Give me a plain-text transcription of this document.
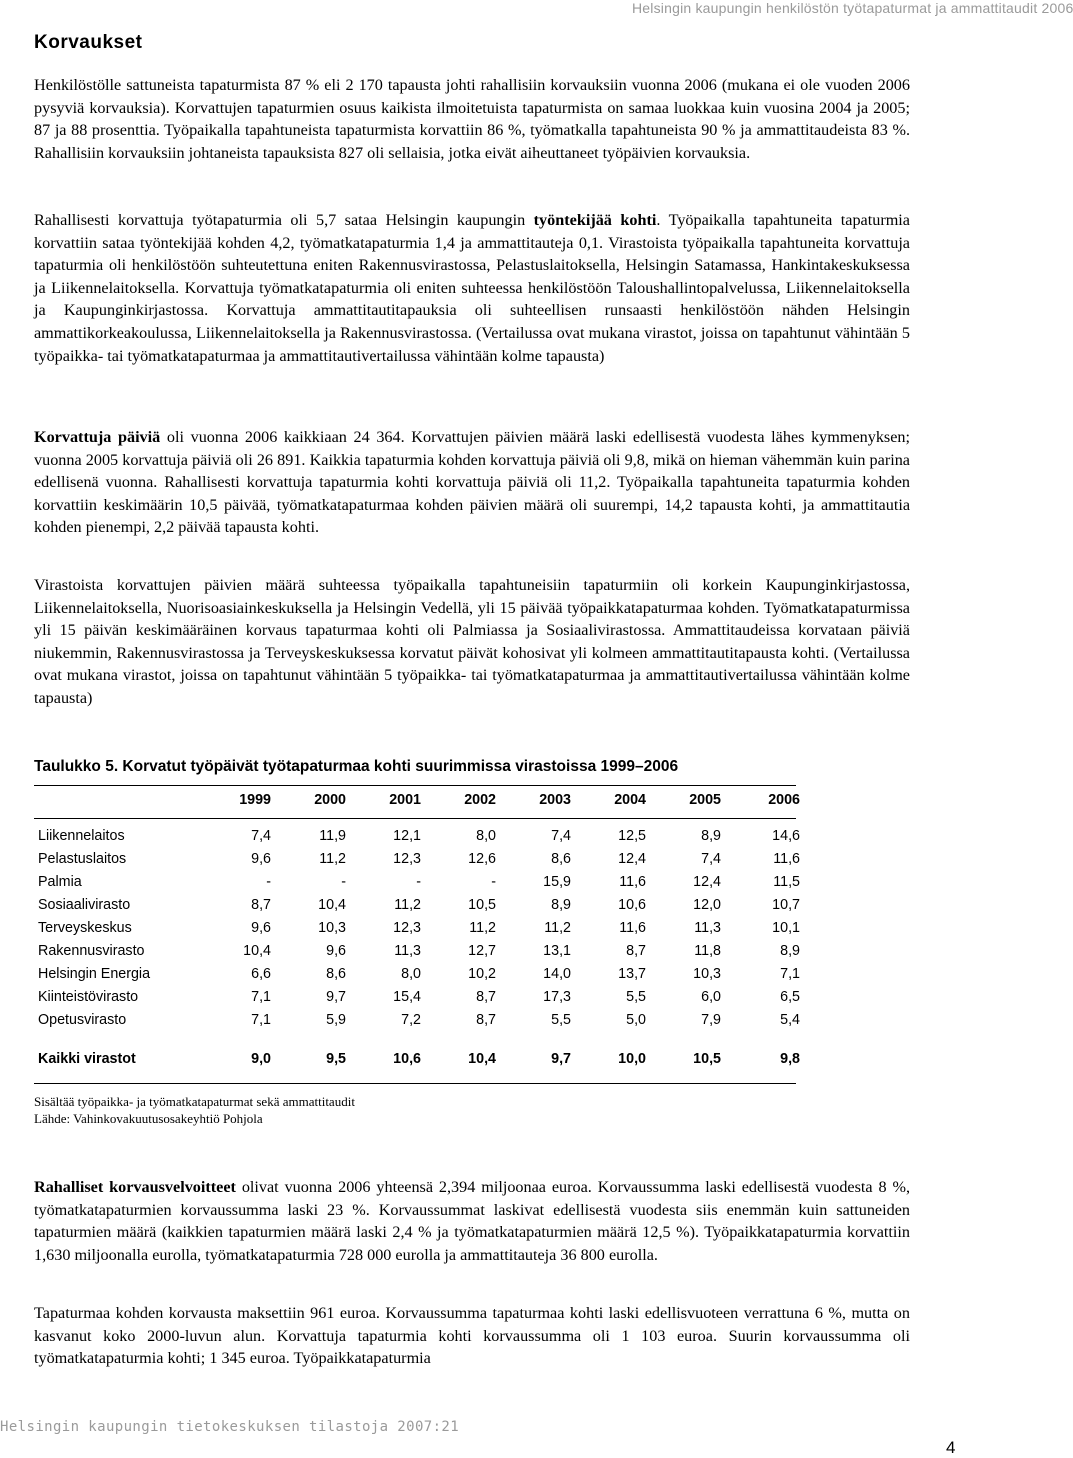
Helsingin kaupungin henkilöstön työtapaturmat ja ammattitaudit 2006
Korvaukset
Henkilöstölle sattuneista tapaturmista 87 % eli 2 170 tapausta johti rahallisiin korvauksiin vuonna 2006 (mukana ei ole vuoden 2006 pysyviä korvauksia). Korvattujen tapaturmien osuus kaikista ilmoitetuista tapaturmista on samaa luokkaa kuin vuosina 2004 ja 2005; 87 ja 88 prosenttia. Työpaikalla tapahtuneista tapaturmista korvattiin 86 %, työmatkalla tapahtuneista 90 % ja ammattitaudeista 83 %. Rahallisiin korvauksiin johtaneista tapauksista 827 oli sellaisia, jotka eivät aiheuttaneet työpäivien korvauksia.
Rahallisesti korvattuja työtapaturmia oli 5,7 sataa Helsingin kaupungin työntekijää kohti. Työpaikalla tapahtuneita tapaturmia korvattiin sataa työntekijää kohden 4,2, työmatkatapaturmia 1,4 ja ammattitauteja 0,1. Virastoista työpaikalla tapahtuneita korvattuja tapaturmia oli henkilöstöön suhteutettuna eniten Rakennusvirastossa, Pelastuslaitoksella, Helsingin Satamassa, Hankintakeskuksessa ja Liikennelaitoksella. Korvattuja työmatkatapaturmia oli eniten suhteessa henkilöstöön Taloushallintopalvelussa, Liikennelaitoksella ja Kaupunginkirjastossa. Korvattuja ammattitautitapauksia oli suhteellisen runsaasti henkilöstöön nähden Helsingin ammattikorkeakoulussa, Liikennelaitoksella ja Rakennusvirastossa. (Vertailussa ovat mukana virastot, joissa on tapahtunut vähintään 5 työpaikka- tai työmatkatapaturmaa ja ammattitautivertailussa vähintään kolme tapausta)
Korvattuja päiviä oli vuonna 2006 kaikkiaan 24 364. Korvattujen päivien määrä laski edellisestä vuodesta lähes kymmenyksen; vuonna 2005 korvattuja päiviä oli 26 891. Kaikkia tapaturmia kohden korvattuja päiviä oli 9,8, mikä on hieman vähemmän kuin parina edellisenä vuonna. Rahallisesti korvattuja tapaturmia kohti korvattuja päiviä oli 11,2. Työpaikalla tapahtuneita tapaturmia kohden korvattiin keskimäärin 10,5 päivää, työmatkatapaturmaa kohden päivien määrä oli suurempi, 14,2 tapausta kohti, ja ammattitautia kohden pienempi, 2,2 päivää tapausta kohti.
Virastoista korvattujen päivien määrä suhteessa työpaikalla tapahtuneisiin tapaturmiin oli korkein Kaupunginkirjastossa, Liikennelaitoksella, Nuorisoasiainkeskuksella ja Helsingin Vedellä, yli 15 päivää työpaikkatapaturmaa kohden. Työmatkatapaturmissa yli 15 päivän keskimääräinen korvaus tapaturmaa kohti oli Palmiassa ja Sosiaalivirastossa. Ammattitaudeissa korvataan päiviä niukemmin, Rakennusvirastossa ja Terveyskeskuksessa korvatut päivät kohosivat yli kolmeen ammattitautitapausta kohti. (Vertailussa ovat mukana virastot, joissa on tapahtunut vähintään 5 työpaikka- tai työmatkatapaturmaa ja ammattitautivertailussa vähintään kolme tapausta)
Taulukko 5. Korvatut työpäivät työtapaturmaa kohti suurimmissa virastoissa 1999–2006
	1999	2000	2001	2002	2003	2004	2005	2006

Liikennelaitos	7,4	11,9	12,1	8,0	7,4	12,5	8,9	14,6
Pelastuslaitos	9,6	11,2	12,3	12,6	8,6	12,4	7,4	11,6
Palmia	-	-	-	-	15,9	11,6	12,4	11,5
Sosiaalivirasto	8,7	10,4	11,2	10,5	8,9	10,6	12,0	10,7
Terveyskeskus	9,6	10,3	12,3	11,2	11,2	11,6	11,3	10,1
Rakennusvirasto	10,4	9,6	11,3	12,7	13,1	8,7	11,8	8,9
Helsingin Energia	6,6	8,6	8,0	10,2	14,0	13,7	10,3	7,1
Kiinteistövirasto	7,1	9,7	15,4	8,7	17,3	5,5	6,0	6,5
Opetusvirasto	7,1	5,9	7,2	8,7	5,5	5,0	7,9	5,4

Kaikki virastot	9,0	9,5	10,6	10,4	9,7	10,0	10,5	9,8
Sisältää työpaikka- ja työmatkatapaturmat sekä ammattitaudit
Lähde: Vahinkovakuutusosakeyhtiö Pohjola
Rahalliset korvausvelvoitteet olivat vuonna 2006 yhteensä 2,394 miljoonaa euroa. Korvaussumma laski edellisestä vuodesta 8 %, työmatkatapaturmien korvaussumma laski 23 %. Korvaussummat laskivat edellisestä vuodesta siis enemmän kuin sattuneiden tapaturmien määrä (kaikkien tapaturmien määrä laski 2,4 % ja työmatkatapaturmien määrä 12,5 %). Työpaikkatapaturmia korvattiin 1,630 miljoonalla eurolla, työmatkatapaturmia 728 000 eurolla ja ammattitauteja 36 800 eurolla.
Tapaturmaa kohden korvausta maksettiin 961 euroa. Korvaussumma tapaturmaa kohti laski edellisvuoteen verrattuna 6 %, mutta on kasvanut koko 2000-luvun alun. Korvattuja tapaturmia kohti korvaussumma oli 1 103 euroa. Suurin korvaussumma oli työmatkatapaturmia kohti; 1 345 euroa. Työpaikkatapaturmia
Helsingin kaupungin tietokeskuksen tilastoja 2007:21
4
